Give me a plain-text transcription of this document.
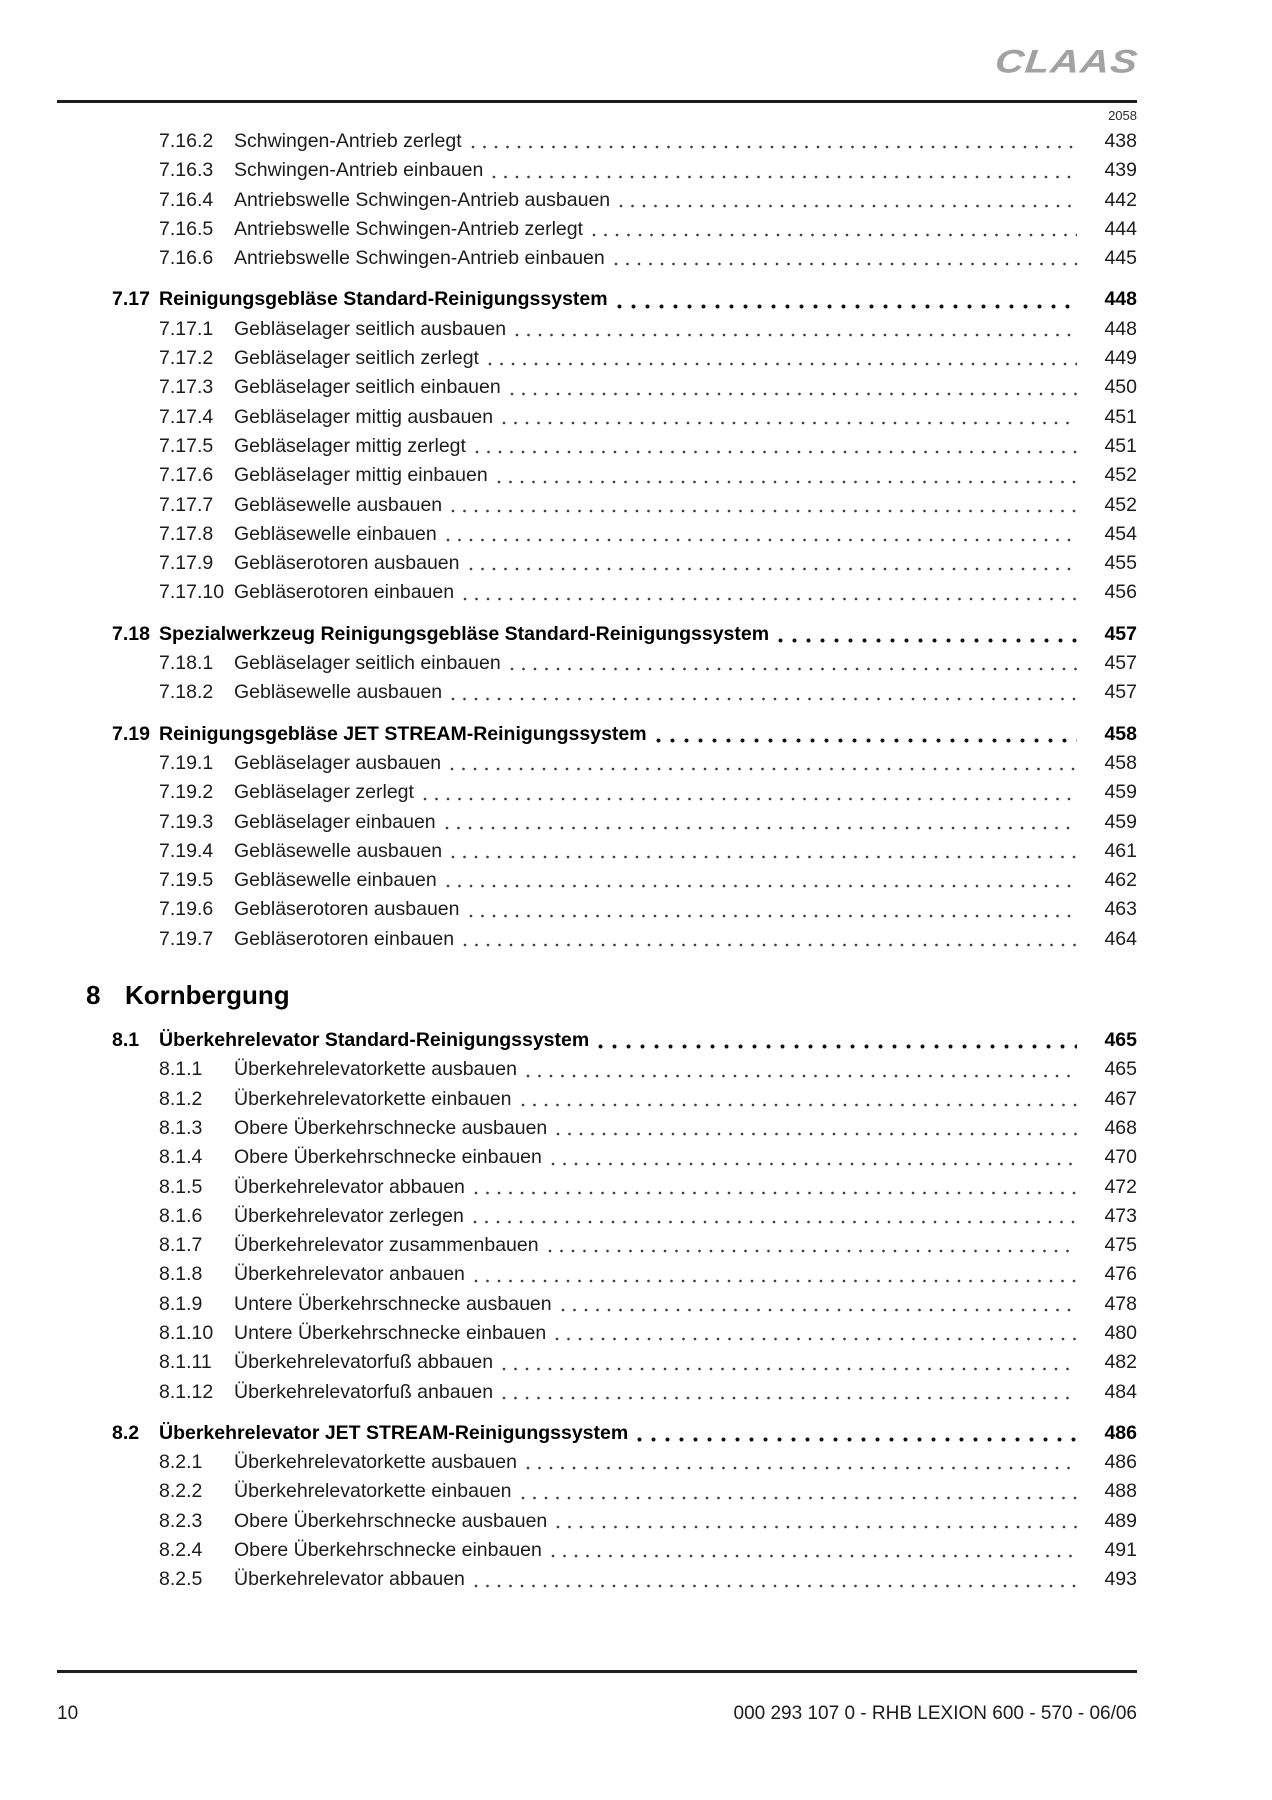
CLAAS
2058
7.16.2	Schwingen-Antrieb zerlegt	438
7.16.3	Schwingen-Antrieb einbauen	439
7.16.4	Antriebswelle Schwingen-Antrieb ausbauen	442
7.16.5	Antriebswelle Schwingen-Antrieb zerlegt	444
7.16.6	Antriebswelle Schwingen-Antrieb einbauen	445
7.17 Reinigungsgebläse Standard-Reinigungssystem	448
7.17.1	Gebläselager seitlich ausbauen	448
7.17.2	Gebläselager seitlich zerlegt	449
7.17.3	Gebläselager seitlich einbauen	450
7.17.4	Gebläselager mittig ausbauen	451
7.17.5	Gebläselager mittig zerlegt	451
7.17.6	Gebläselager mittig einbauen	452
7.17.7	Gebläsewelle ausbauen	452
7.17.8	Gebläsewelle einbauen	454
7.17.9	Gebläserotoren ausbauen	455
7.17.10 Gebläserotoren einbauen	456
7.18 Spezialwerkzeug Reinigungsgebläse Standard-Reinigungssystem	457
7.18.1	Gebläselager seitlich einbauen	457
7.18.2	Gebläsewelle ausbauen	457
7.19 Reinigungsgebläse JET STREAM-Reinigungssystem	458
7.19.1	Gebläselager ausbauen	458
7.19.2	Gebläselager zerlegt	459
7.19.3	Gebläselager einbauen	459
7.19.4	Gebläsewelle ausbauen	461
7.19.5	Gebläsewelle einbauen	462
7.19.6	Gebläserotoren ausbauen	463
7.19.7	Gebläserotoren einbauen	464
8 Kornbergung
8.1	Überkehrelevator Standard-Reinigungssystem	465
8.1.1	Überkehrelevatorkette ausbauen	465
8.1.2	Überkehrelevatorkette einbauen	467
8.1.3	Obere Überkehrschnecke ausbauen	468
8.1.4	Obere Überkehrschnecke einbauen	470
8.1.5	Überkehrelevator abbauen	472
8.1.6	Überkehrelevator zerlegen	473
8.1.7	Überkehrelevator zusammenbauen	475
8.1.8	Überkehrelevator anbauen	476
8.1.9	Untere Überkehrschnecke ausbauen	478
8.1.10	Untere Überkehrschnecke einbauen	480
8.1.11	Überkehrelevatorfuß abbauen	482
8.1.12	Überkehrelevatorfuß anbauen	484
8.2	Überkehrelevator JET STREAM-Reinigungssystem	486
8.2.1	Überkehrelevatorkette ausbauen	486
8.2.2	Überkehrelevatorkette einbauen	488
8.2.3	Obere Überkehrschnecke ausbauen	489
8.2.4	Obere Überkehrschnecke einbauen	491
8.2.5	Überkehrelevator abbauen	493
10	000 293 107 0 - RHB LEXION 600 - 570 - 06/06
